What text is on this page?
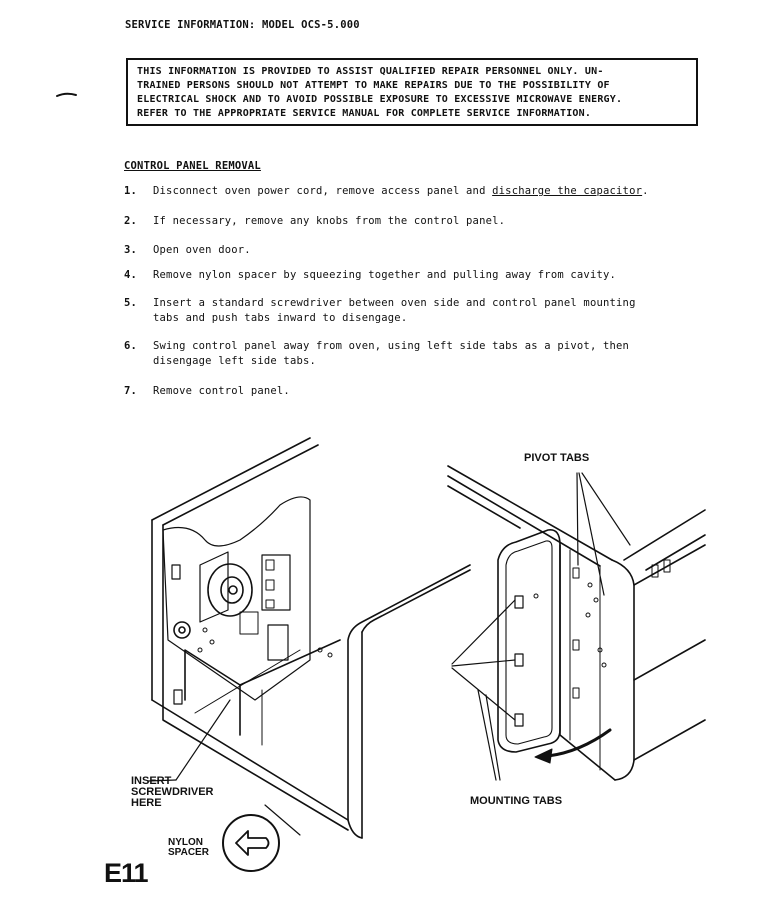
SERVICE INFORMATION: MODEL OCS-5.000
THIS INFORMATION IS PROVIDED TO ASSIST QUALIFIED REPAIR PERSONNEL ONLY. UN-
TRAINED PERSONS SHOULD NOT ATTEMPT TO MAKE REPAIRS DUE TO THE POSSIBILITY OF
ELECTRICAL SHOCK AND TO AVOID POSSIBLE EXPOSURE TO EXCESSIVE MICROWAVE ENERGY.
REFER TO THE APPROPRIATE SERVICE MANUAL FOR COMPLETE SERVICE INFORMATION.
CONTROL PANEL REMOVAL
1. Disconnect oven power cord, remove access panel and discharge the capacitor.
2. If necessary, remove any knobs from the control panel.
3. Open oven door.
4. Remove nylon spacer by squeezing together and pulling away from cavity.
5. Insert a standard screwdriver between oven side and control panel mounting
tabs and push tabs inward to disengage.
6. Swing control panel away from oven, using left side tabs as a pivot, then
disengage left side tabs.
7. Remove control panel.
PIVOT TABS
INSERT
SCREWDRIVER
HERE	MOUNTING TABS
NYLON
SPACER
E11
